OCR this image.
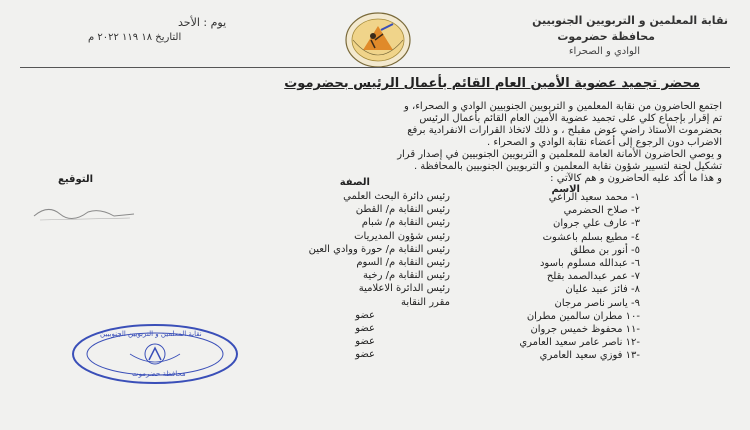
نقابة المعلمين و التربويين الجنوبيين
محافظة حضرموت
الوادي و الصحراء
يوم : الأحد
التاريخ ١٨ ١١٩ ٢٠٢٢ م
محضر تجميد عضوية الأمين العام القائم بأعمال الرئيس بحضرموت
اجتمع الحاضرون من نقابة المعلمين و التربويين الجنوبيين الوادي و الصحراء، و
تم إقرار بإجماع كلي على تجميد عضوية الأمين العام القائم بأعمال الرئيس
بحضرموت الأستاذ راضي عوض مقبلح ، و ذلك لاتخاذ القرارات الانفرادية برفع
الاضراب دون الرجوع إلى أعضاء نقابة الوادي و الصحراء .
و يوصي الحاضرون الأمانة العامة للمعلمين و التربويين الجنوبيين في إصدار قرار
تشكيل لجنة لتسيير شؤون نقابة المعلمين و التربويين الجنوبيين بالمحافظة .
و هذا ما أكد عليه الحاضرون و هم كالآتي :
الاسم
الصفة
التوقيع
١- محمد سعيد الراعي
رئيس دائرة البحث العلمي
٢- صلاح الحضرمي
رئيس النقابة م/ القطن
٣- عارف علي جروان
رئيس النقابة م/ شبام
٤- مطيع بسلم باعشوت
رئيس شؤون المديريات
٥- أنور بن مطلق
رئيس النقابة م/ حورة ووادي العين
٦- عبدالله مسلوم باسود
رئيس النقابة م/ السوم
٧- عمر عبدالصمد بقلح
رئيس النقابة م/ رخية
٨- فائز عبيد عليان
رئيس الدائرة الاعلامية
٩- ياسر ناصر مرجان
مقرر النقابة
-١٠ مطران سالمين مطران
عضو
-١١ محفوظ خميس جروان
عضو
-١٢ ناصر عامر سعيد العامري
عضو
-١٣ فوزي سعيد العامري
عضو
نقابة المعلمين و التربويين الجنوبيين
محافظة حضرموت
